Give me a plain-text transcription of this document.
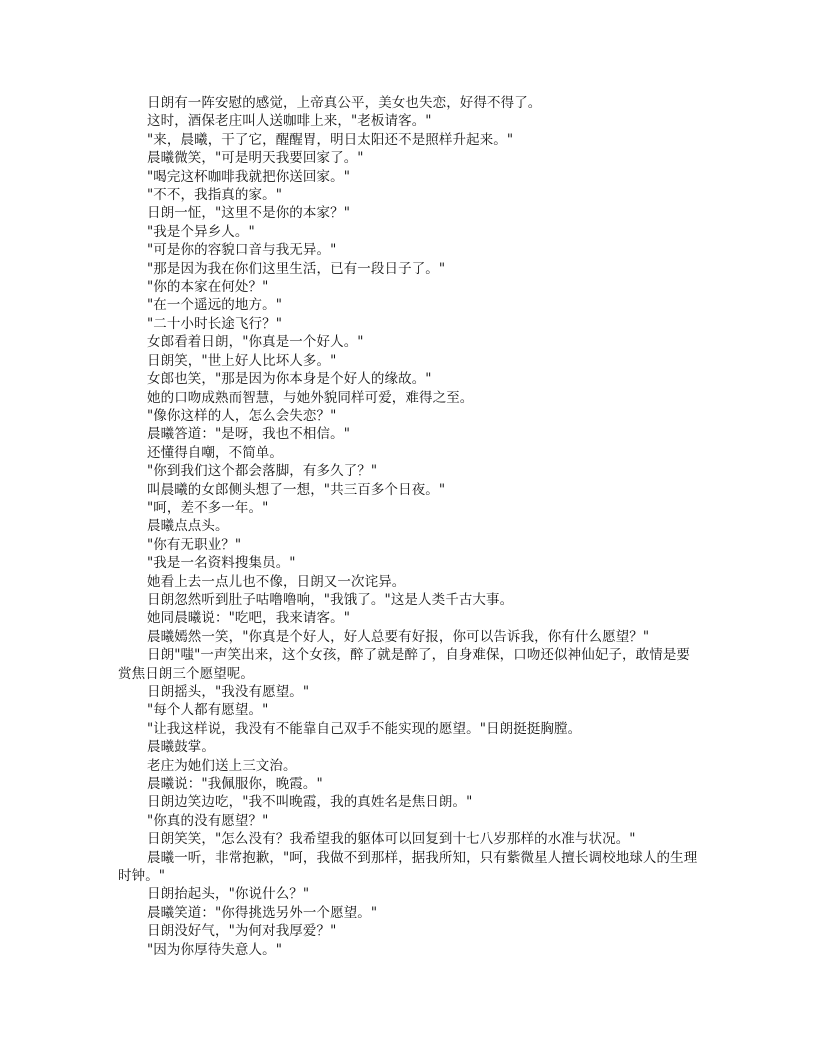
日朗有一阵安慰的感觉，上帝真公平，美女也失恋，好得不得了。

这时，酒保老庄叫人送咖啡上来，"老板请客。"

"来，晨曦，干了它，醒醒胃，明日太阳还不是照样升起来。"

晨曦微笑，"可是明天我要回家了。"

"喝完这杯咖啡我就把你送回家。"

"不不，我指真的家。"

日朗一怔，"这里不是你的本家？"

"我是个异乡人。"

"可是你的容貌口音与我无异。"

"那是因为我在你们这里生活，已有一段日子了。"

"你的本家在何处？"

"在一个遥远的地方。"

"二十小时长途飞行？"

女郎看着日朗，"你真是一个好人。"

日朗笑，"世上好人比坏人多。"

女郎也笑，"那是因为你本身是个好人的缘故。"

她的口吻成熟而智慧，与她外貌同样可爱，难得之至。

"像你这样的人，怎么会失恋？"

晨曦答道："是呀，我也不相信。"

还懂得自嘲，不简单。

"你到我们这个都会落脚，有多久了？"

叫晨曦的女郎侧头想了一想，"共三百多个日夜。"

"呵，差不多一年。"

晨曦点点头。

"你有无职业？"

"我是一名资料搜集员。"

她看上去一点儿也不像，日朗又一次诧异。

日朗忽然听到肚子咕噜噜响，"我饿了。"这是人类千古大事。

她同晨曦说："吃吧，我来请客。"

晨曦嫣然一笑，"你真是个好人，好人总要有好报，你可以告诉我，你有什么愿望？"

日朗"嗤"一声笑出来，这个女孩，醉了就是醉了，自身难保，口吻还似神仙妃子，敢情是要赏焦日朗三个愿望呢。

日朗摇头，"我没有愿望。"

"每个人都有愿望。"

"让我这样说，我没有不能靠自己双手不能实现的愿望。"日朗挺挺胸膛。

晨曦鼓掌。

老庄为她们送上三文治。

晨曦说："我佩服你，晚霞。"

日朗边笑边吃，"我不叫晚霞，我的真姓名是焦日朗。"

"你真的没有愿望？"

日朗笑笑，"怎么没有？我希望我的躯体可以回复到十七八岁那样的水准与状况。"

晨曦一听，非常抱歉，"呵，我做不到那样，据我所知，只有紫微星人擅长调校地球人的生理时钟。"

日朗抬起头，"你说什么？"

晨曦笑道："你得挑选另外一个愿望。"

日朗没好气，"为何对我厚爱？"

"因为你厚待失意人。"
